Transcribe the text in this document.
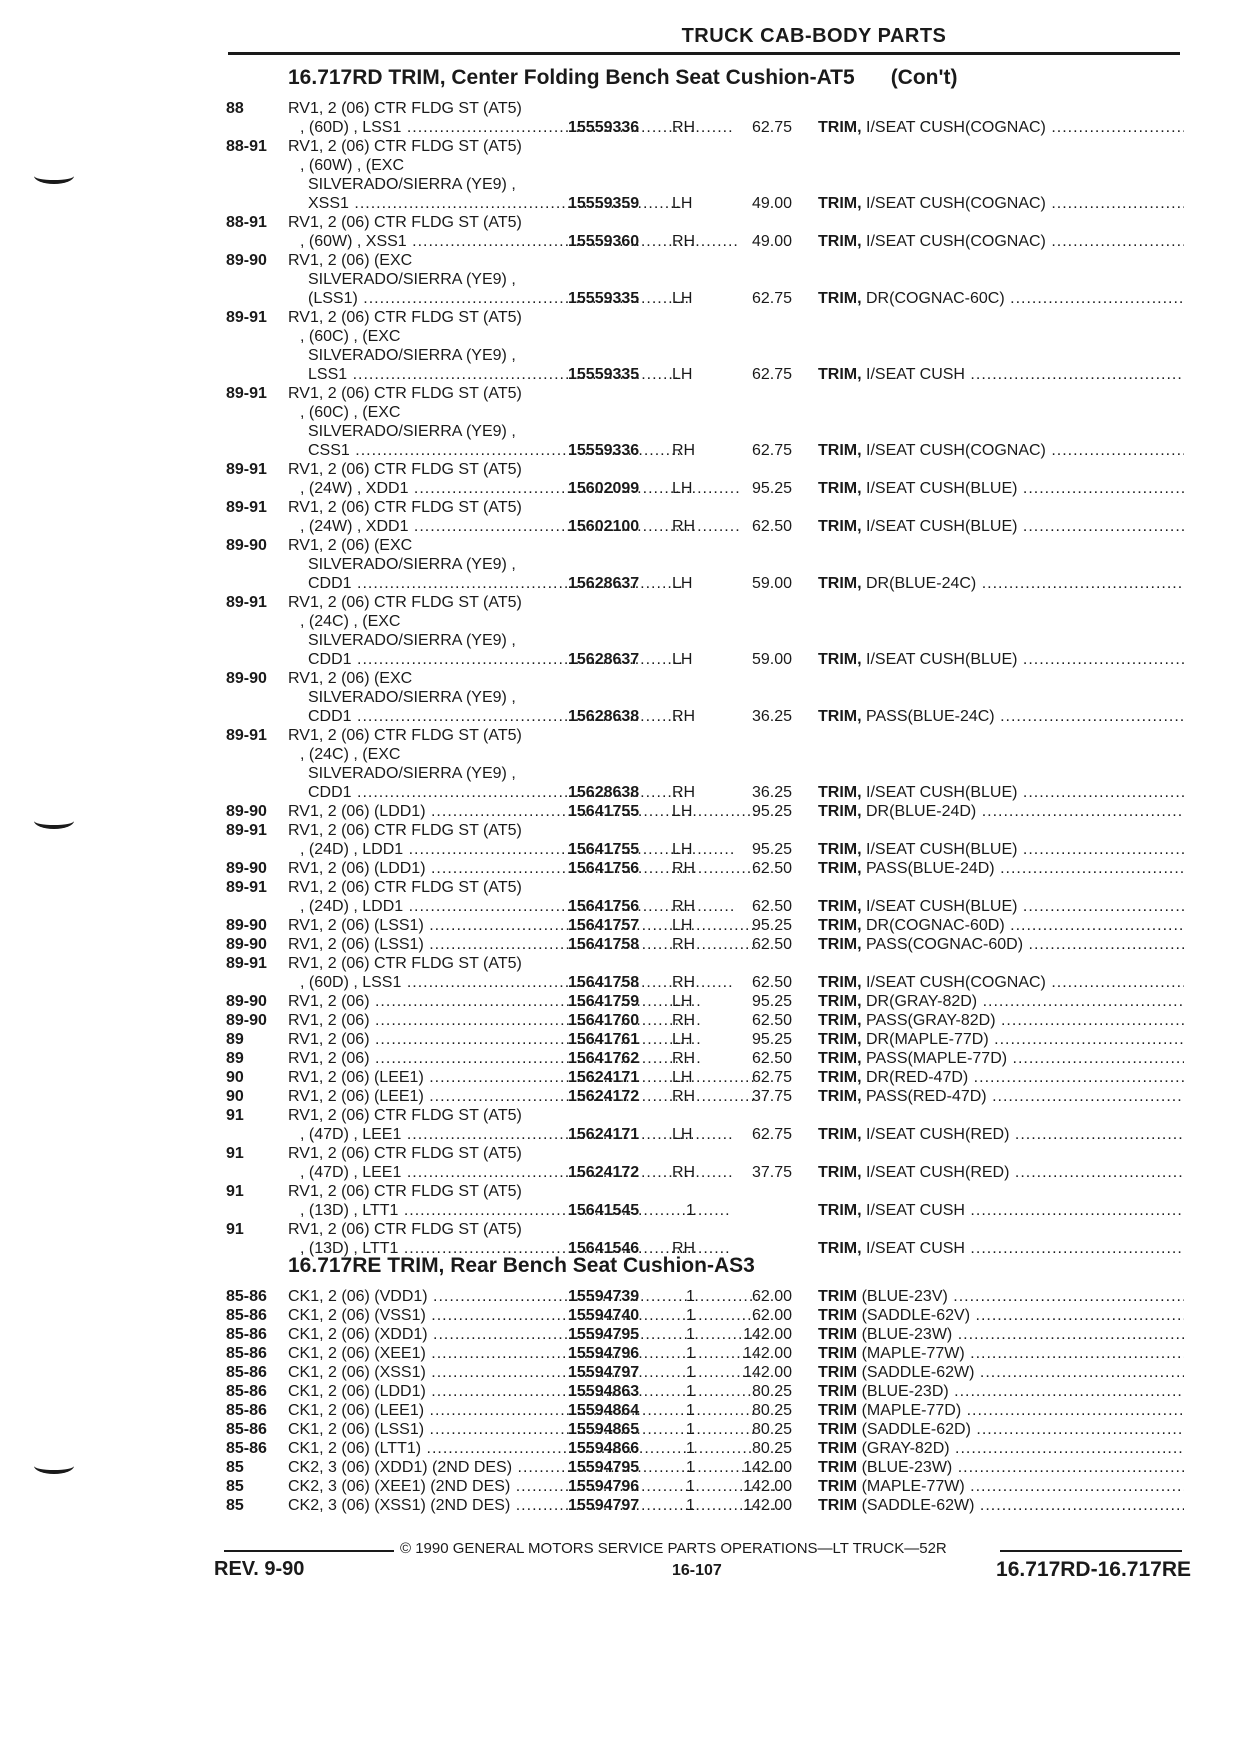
TRUCK CAB-BODY PARTS
16.717RD TRIM, Center Folding Bench Seat Cushion-AT5 (Con't)
88	RV1, 2 (06) CTR FLDG ST (AT5)
, (60D) , LSS1 .....	15559336 RH	62.75 TRIM, I/SEAT CUSH(COGNAC) .....
88-91 RV1, 2 (06) CTR FLDG ST (AT5)
, (60W) , (EXC
SILVERADO/SIERRA (YE9) ,
XSS1 .....	15559359 LH	49.00 TRIM, I/SEAT CUSH(COGNAC) .....
88-91 RV1, 2 (06) CTR FLDG ST (AT5)
, (60W) , XSS1 .....	15559360 RH	49.00 TRIM, I/SEAT CUSH(COGNAC) .....
89-90 RV1, 2 (06) (EXC
SILVERADO/SIERRA (YE9) ,
(LSS1) .....	15559335 LH	62.75 TRIM, DR(COGNAC-60C) .....
89-91 RV1, 2 (06) CTR FLDG ST (AT5)
, (60C) , (EXC
SILVERADO/SIERRA (YE9) ,
LSS1 .....	15559335 LH	62.75 TRIM, I/SEAT CUSH .....
89-91 RV1, 2 (06) CTR FLDG ST (AT5)
, (60C) , (EXC
SILVERADO/SIERRA (YE9) ,
CSS1 .....	15559336 RH	62.75 TRIM, I/SEAT CUSH(COGNAC) .....
89-91 RV1, 2 (06) CTR FLDG ST (AT5)
, (24W) , XDD1 .....	15602099 LH	95.25 TRIM, I/SEAT CUSH(BLUE) .....
89-91 RV1, 2 (06) CTR FLDG ST (AT5)
, (24W) , XDD1 .....	15602100 RH	62.50 TRIM, I/SEAT CUSH(BLUE) .....
89-90 RV1, 2 (06) (EXC
SILVERADO/SIERRA (YE9) ,
CDD1 .....	15628637 LH	59.00 TRIM, DR(BLUE-24C) .....
89-91 RV1, 2 (06) CTR FLDG ST (AT5)
, (24C) , (EXC
SILVERADO/SIERRA (YE9) ,
CDD1 .....	15628637 LH	59.00 TRIM, I/SEAT CUSH(BLUE) .....
89-90 RV1, 2 (06) (EXC
SILVERADO/SIERRA (YE9) ,
CDD1 .....	15628638 RH	36.25 TRIM, PASS(BLUE-24C) .....
89-91 RV1, 2 (06) CTR FLDG ST (AT5)
, (24C) , (EXC
SILVERADO/SIERRA (YE9) ,
CDD1 .....	15628638 RH	36.25 TRIM, I/SEAT CUSH(BLUE) .....
89-90 RV1, 2 (06) (LDD1) .....	15641755 LH	95.25 TRIM, DR(BLUE-24D) .....
89-91 RV1, 2 (06) CTR FLDG ST (AT5)
, (24D) , LDD1 .....	15641755 LH	95.25 TRIM, I/SEAT CUSH(BLUE) .....
89-90 RV1, 2 (06) (LDD1) .....	15641756 RH	62.50 TRIM, PASS(BLUE-24D) .....
89-91 RV1, 2 (06) CTR FLDG ST (AT5)
, (24D) , LDD1 .....	15641756 RH	62.50 TRIM, I/SEAT CUSH(BLUE) .....
89-90 RV1, 2 (06) (LSS1) .....	15641757 LH	95.25 TRIM, DR(COGNAC-60D) .....
89-90 RV1, 2 (06) (LSS1) .....	15641758 RH	62.50 TRIM, PASS(COGNAC-60D) .....
89-91 RV1, 2 (06) CTR FLDG ST (AT5)
, (60D) , LSS1 .....	15641758 RH	62.50 TRIM, I/SEAT CUSH(COGNAC) .....
89-90 RV1, 2 (06) .....	15641759 LH	95.25 TRIM, DR(GRAY-82D) .....
89-90 RV1, 2 (06) .....	15641760 RH	62.50 TRIM, PASS(GRAY-82D) .....
89	RV1, 2 (06) .....	15641761 LH	95.25 TRIM, DR(MAPLE-77D) .....
89	RV1, 2 (06) .....	15641762 RH	62.50 TRIM, PASS(MAPLE-77D) .....
90	RV1, 2 (06) (LEE1) .....	15624171 LH	62.75 TRIM, DR(RED-47D) .....
90	RV1, 2 (06) (LEE1) .....	15624172 RH	37.75 TRIM, PASS(RED-47D) .....
91	RV1, 2 (06) CTR FLDG ST (AT5)
, (47D) , LEE1 .....	15624171 LH	62.75 TRIM, I/SEAT CUSH(RED) .....
91	RV1, 2 (06) CTR FLDG ST (AT5)
, (47D) , LEE1 .....	15624172 RH	37.75 TRIM, I/SEAT CUSH(RED) .....
91	RV1, 2 (06) CTR FLDG ST (AT5)
, (13D) , LTT1 .....	15641545	1	TRIM, I/SEAT CUSH .....
91	RV1, 2 (06) CTR FLDG ST (AT5)
, (13D) , LTT1 .....	15641546 RH	TRIM, I/SEAT CUSH .....
16.717RE TRIM, Rear Bench Seat Cushion-AS3
85-86 CK1, 2 (06) (VDD1) .....	15594739	1	62.00 TRIM (BLUE-23V) .....
85-86 CK1, 2 (06) (VSS1) .....	15594740	1	62.00 TRIM (SADDLE-62V) .....
85-86 CK1, 2 (06) (XDD1) .....	15594795	1	142.00 TRIM (BLUE-23W) .....
85-86 CK1, 2 (06) (XEE1) .....	15594796	1	142.00 TRIM (MAPLE-77W) .....
85-86 CK1, 2 (06) (XSS1) .....	15594797	1	142.00 TRIM (SADDLE-62W) .....
85-86 CK1, 2 (06) (LDD1) .....	15594863	1	80.25 TRIM (BLUE-23D) .....
85-86 CK1, 2 (06) (LEE1) .....	15594864	1	80.25 TRIM (MAPLE-77D) .....
85-86 CK1, 2 (06) (LSS1) .....	15594865	1	80.25 TRIM (SADDLE-62D) .....
85-86 CK1, 2 (06) (LTT1) .....	15594866	1	80.25 TRIM (GRAY-82D) .....
85	CK2, 3 (06) (XDD1) (2ND DES) .....	15594795	1	142.00 TRIM (BLUE-23W) .....
85	CK2, 3 (06) (XEE1) (2ND DES) .....	15594796	1	142.00 TRIM (MAPLE-77W) .....
85	CK2, 3 (06) (XSS1) (2ND DES) .....	15594797	1	142.00 TRIM (SADDLE-62W) .....
© 1990 GENERAL MOTORS SERVICE PARTS OPERATIONS—LT TRUCK—52R
REV. 9-90	16-107	16.717RD-16.717RE
